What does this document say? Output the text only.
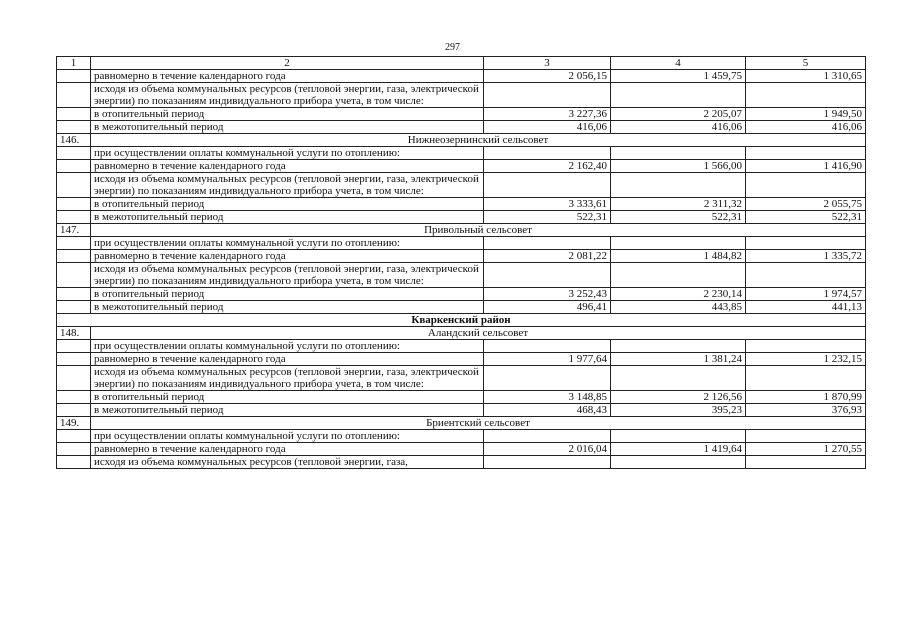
297
1	2	3	4	5
	равномерно в течение календарного года	2 056,15	1 459,75	1 310,65
	исходя из объема коммунальных ресурсов (тепловой энергии, газа, электрической энергии) по показаниям индивидуального прибора учета, в том числе:			
	в отопительный период	3 227,36	2 205,07	1 949,50
	в межотопительный период	416,06	416,06	416,06
146.	Нижнеозернинский сельсовет			
	при осуществлении оплаты коммунальной услуги по отоплению:			
	равномерно в течение календарного года	2 162,40	1 566,00	1 416,90
	исходя из объема коммунальных ресурсов (тепловой энергии, газа, электрической энергии) по показаниям индивидуального прибора учета, в том числе:			
	в отопительный период	3 333,61	2 311,32	2 055,75
	в межотопительный период	522,31	522,31	522,31
147.	Привольный сельсовет			
	при осуществлении оплаты коммунальной услуги по отоплению:			
	равномерно в течение календарного года	2 081,22	1 484,82	1 335,72
	исходя из объема коммунальных ресурсов (тепловой энергии, газа, электрической энергии) по показаниям индивидуального прибора учета, в том числе:			
	в отопительный период	3 252,43	2 230,14	1 974,57
	в межотопительный период	496,41	443,85	441,13
Кваркенский район				
148.	Аландский сельсовет			
	при осуществлении оплаты коммунальной услуги по отоплению:			
	равномерно в течение календарного года	1 977,64	1 381,24	1 232,15
	исходя из объема коммунальных ресурсов (тепловой энергии, газа, электрической энергии) по показаниям индивидуального прибора учета, в том числе:			
	в отопительный период	3 148,85	2 126,56	1 870,99
	в межотопительный период	468,43	395,23	376,93
149.	Бриентский сельсовет			
	при осуществлении оплаты коммунальной услуги по отоплению:			
	равномерно в течение календарного года	2 016,04	1 419,64	1 270,55
	исходя из объема коммунальных ресурсов (тепловой энергии, газа,			
